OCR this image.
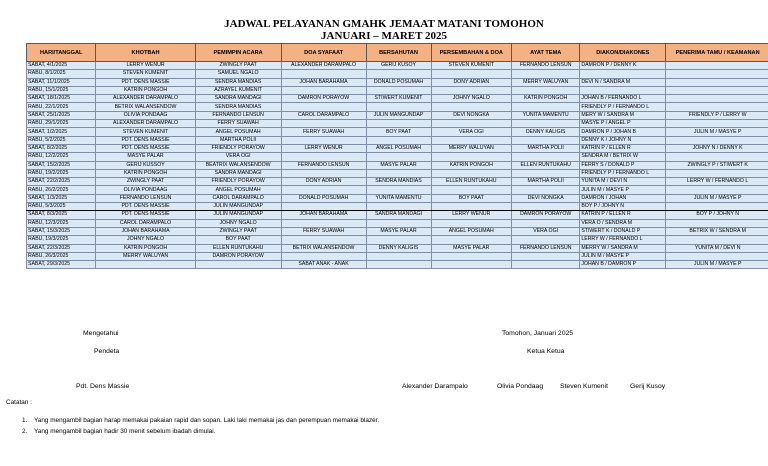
JADWAL PELAYANAN GMAHK JEMAAT MATANI TOMOHON
JANUARI – MARET 2025
HARI/TANGGAL	KHOTBAH	PEMIMPIN ACARA	DOA SYAFAAT	BERSAHUTAN	PERSEMBAHAN & DOA	AYAT TEMA	DIAKON/DIAKONES	PENERIMA TAMU / KEAMANAN
SABAT, 4/1/2025	LERRY WENUR	ZWINGLY PAAT	ALEXANDER DARAMPALO	GERIJ KUSOY	STEVEN KUMENIT	FERNANDO LENSUN	DAMRON P / DENNY K	
RABU, 8/1/2025	STEVEN KUMENIT	SAMUEL NGALO						
SABAT, 11/1/2025	PDT. DENS MASSIE	SENDRA MANDIAS	JOHAN BARAHAMA	DONALD POSUMAH	DONY ADRIAN	MERRY WALUYAN	DEVI N / SANDRA M	
RABU, 15/1/2025	KATRIN PONGOH	AZRAYEL KUMENIT						
SABAT, 18/1/2025	ALEXANDER DARAMPALO	SANDRA MANDAGI	DAMRON PORAYOW	STIWERT KUMENIT	JOHNY NGALO	KATRIN PONGOH	JOHAN B / FERNANDO L	
RABU, 22/1/2025	BETRIX WALANSENDOW	SENDRA MANDIAS					FRIENDLY P / FERNANDO L	
SABAT, 25/1/2025	OLIVIA PONDAAG	FERNANDO LENSUN	CAROL DARAMPALO	JULIN MANGUNDAP	DEVI NONGKA	YUNITA MAMENTU	MERY W / SANDRA M	FRIENDLY P / LERRY W
RABU, 29/1/2025	ALEXANDER DARAMPALO	FERRY SUAWAH					MASYE P / ANGEL P	
SABAT, 1/2/2025	STEVEN KUMENIT	ANGEL POSUMAH	FERRY SUAWAH	BOY PAAT	VERA OGI	DENNY KALIGIS	DAMRON P / JOHAN B	JULIN M / MASYE P
RABU, 5/2/2025	PDT. DENS MASSIE	MARTHA POLII					DENNY K / JOHNY N	
SABAT, 8/2/2025	PDT. DENS MASSIE	FRIENDLY PORAYOW	LERRY WENUR	ANGEL POSUMAH	MERRY WALUYAN	MARTHA POLII	KATRIN P / ELLEN R	JOHNY N / DENNY K
RABU, 12/2/2025	MASYE PALAR	VERA OGI					SENDRA M / BETRIX W	
SABAT, 15/2/2025	GERIJ KUSSOY	BEATRIX WALANSENDOW	FERNANDO LENSUN	MASYE PALAR	KATRIN PONGOH	ELLEN RUNTUKAHU	FERRY S / DONALD P	ZWINGLY P / STIWERT K
RABU, 19/2/2025	KATRIN PONGOH	SANDRA MANDAGI					FRIENDLY P / FERNANDO L	
SABAT, 22/2/2025	ZWINGLY PAAT	FRIENDLY PORAYOW	DONY ADRIAN	SENDRA MANDIAS	ELLEN RUNTUKAHU	MARTHA POLII	YUNITA M / DEVI N	LERRY W / FERNANDO L
RABU, 26/2/2025	OLIVIA PONDAAG	ANGEL POSUMAH					JULIN M / MASYE P	
SABAT, 1/3/2025	FERNANDO LENSUN	CAROL DARAMPALO	DONALD POSUMAH	YUNITA MAMENTU	BOY PAAT	DEVI NONGKA	DAMRON / JOHAN	JULIN M / MASYE P
RABU, 5/3/2025	PDT. DENS MASSIE	JULIN MANGUNDAP					BOY P / JOHNY N	
SABAT, 8/3/2025	PDT. DENS MASSIE	JULIN MANGUNDAP	JOHAN BARAHAMA	SANDRA MANDAGI	LERRY WENUR	DAMRON PORAYOW	KATRIN P / ELLEN R	BOY P / JOHNY N
RABU, 12/3/2025	CAROL DARAMPALO	JOHNY NGALO					VERA O / SENDRA M	
SABAT, 15/3/2025	JOHAN BARAHAMA	ZWINGLY PAAT	FERRY SUAWAH	MASYE PALAR	ANGEL POSUMAH	VERA OGI	STIWERT K / DONALD P	BETRIX W / SENDRA M
RABU, 19/3/2025	JOHNY NGALO	BOY PAAT					LERRY W / FERNANDO L	
SABAT, 22/3/2025	KATRIN PONGOH	ELLEN RUNTUKAHU	BETRIX WALANSENDOW	DENNY KALIGIS	MASYE PALAR	FERNANDO LENSUN	MERRY W / SANDRA M	YUNITA M / DEVI N
RABU, 26/3/2025	MERRY WALUYAN	DAMRON PORAYOW					JULIN M / MASYE P	
SABAT, 29/3/2025			SABAT ANAK - ANAK				JOHAN B / DAMRON P	JULIN M / MASYE P
Mengetahui
Pendeta
Tomohon, Januari 2025
Ketua Ketua
Pdt. Dens Massie	Alexander Darampalo	Olivia Pondaag Steven Kumenit	Gerij Kusoy
Catatan :
1. Yang mengambil bagian harap memakai pakaian rapid dan sopan. Laki laki memakai jas dan perempuan memakai blazer.
2. Yang mengambil bagian hadir 30 menit sebelum ibadah dimulai.
